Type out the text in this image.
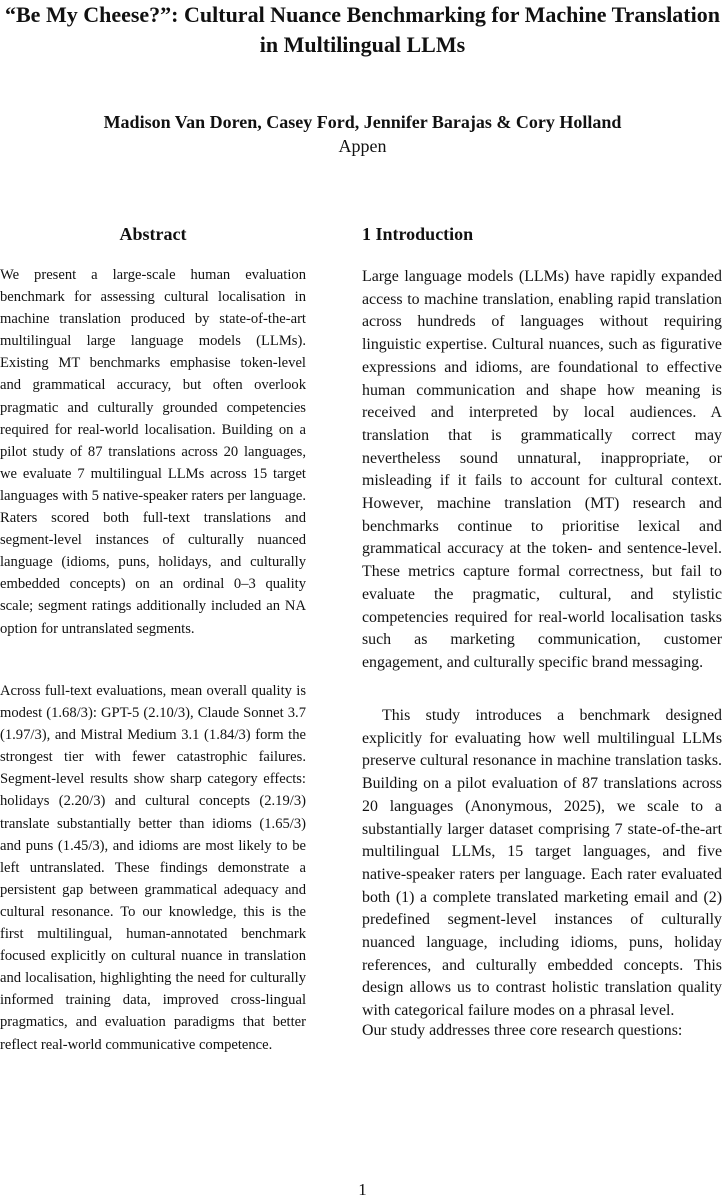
“Be My Cheese?”: Cultural Nuance Benchmarking for Machine Translation in Multilingual LLMs
Madison Van Doren, Casey Ford, Jennifer Barajas & Cory Holland
Appen
Abstract	1 Introduction

We present a large-scale human evaluation benchmark for assessing cultural localisation in machine translation produced by state-of-the-art multilingual large language models (LLMs). Existing MT benchmarks emphasise token-level and grammatical accuracy, but often overlook pragmatic and culturally grounded competencies required for real-world localisation. Building on a pilot study of 87 translations across 20 languages, we evaluate 7 multilingual LLMs across 15 target languages with 5 native-speaker raters per language. Raters scored both full-text translations and segment-level instances of culturally nuanced language (idioms, puns, holidays, and culturally embedded concepts) on an ordinal 0–3 quality scale; segment ratings additionally included an NA option for untranslated segments.

Across full-text evaluations, mean overall quality is modest (1.68/3): GPT-5 (2.10/3), Claude Sonnet 3.7 (1.97/3), and Mistral Medium 3.1 (1.84/3) form the strongest tier with fewer catastrophic failures. Segment-level results show sharp category effects: holidays (2.20/3) and cultural concepts (2.19/3) translate substantially better than idioms (1.65/3) and puns (1.45/3), and idioms are most likely to be left untranslated. These findings demonstrate a persistent gap between grammatical adequacy and cultural resonance. To our knowledge, this is the first multilingual, human-annotated benchmark focused explicitly on cultural nuance in translation and localisation, highlighting the need for culturally informed training data, improved cross-lingual pragmatics, and evaluation paradigms that better reflect real-world communicative competence.

Large language models (LLMs) have rapidly expanded access to machine translation, enabling rapid translation across hundreds of languages without requiring linguistic expertise. Cultural nuances, such as figurative expressions and idioms, are foundational to effective human communication and shape how meaning is received and interpreted by local audiences. A translation that is grammatically correct may nevertheless sound unnatural, inappropriate, or misleading if it fails to account for cultural context. However, machine translation (MT) research and benchmarks continue to prioritise lexical and grammatical accuracy at the token- and sentence-level. These metrics capture formal correctness, but fail to evaluate the pragmatic, cultural, and stylistic competencies required for real-world localisation tasks such as marketing communication, customer engagement, and culturally specific brand messaging.

This study introduces a benchmark designed explicitly for evaluating how well multilingual LLMs preserve cultural resonance in machine translation tasks. Building on a pilot evaluation of 87 translations across 20 languages (Anonymous, 2025), we scale to a substantially larger dataset comprising 7 state-of-the-art multilingual LLMs, 15 target languages, and five native-speaker raters per language. Each rater evaluated both (1) a complete translated marketing email and (2) predefined segment-level instances of culturally nuanced language, including idioms, puns, holiday references, and culturally embedded concepts. This design allows us to contrast holistic translation quality with categorical failure modes on a phrasal level.

Our study addresses three core research questions:

1
